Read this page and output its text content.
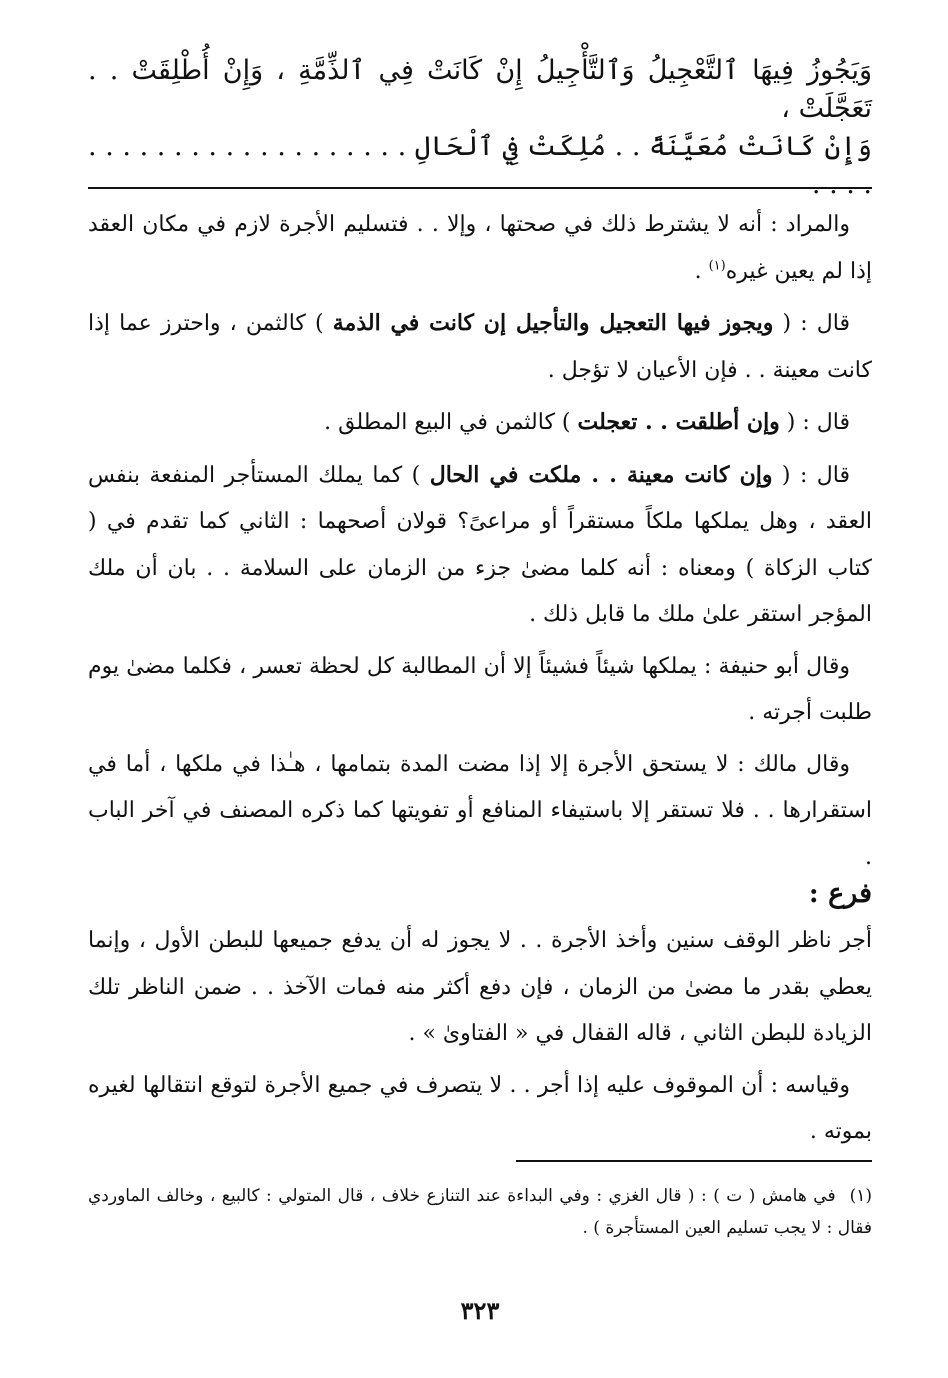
وَيَجُوزُ فِيهَا ٱلتَّعْجِيلُ وَٱلتَّأْجِيلُ إِنْ كَانَتْ فِي ٱلذِّمَّةِ ، وَإِنْ أُطْلِقَتْ . . تَعَجَّلَتْ ،

وَإِنْ كَانَتْ مُعَيَّنَةً . . مُلِكَتْ فِي ٱلْحَالِ . . . . . . . . . . . . . . . . . . . . . . .

والمراد : أنه لا يشترط ذلك في صحتها ، وإلا . . فتسليم الأجرة لازم في مكان العقد إذا لم يعين غيره$^{(١)}$ .

قال : ( ويجوز فيها التعجيل والتأجيل إن كانت في الذمة ) كالثمن ، واحترز عما إذا كانت معينة . . فإن الأعيان لا تؤجل .

قال : ( وإن أطلقت . . تعجلت ) كالثمن في البيع المطلق .

قال : ( وإن كانت معينة . . ملكت في الحال ) كما يملك المستأجر المنفعة بنفس العقد ، وهل يملكها ملكاً مستقراً أو مراعىً؟ قولان أصحهما : الثاني كما تقدم في ( كتاب الزكاة ) ومعناه : أنه كلما مضىٰ جزء من الزمان على السلامة . . بان أن ملك المؤجر استقر علىٰ ملك ما قابل ذلك .

وقال أبو حنيفة : يملكها شيئاً فشيئاً إلا أن المطالبة كل لحظة تعسر ، فكلما مضىٰ يوم طلبت أجرته .

وقال مالك : لا يستحق الأجرة إلا إذا مضت المدة بتمامها ، هـٰذا في ملكها ، أما في استقرارها . . فلا تستقر إلا باستيفاء المنافع أو تفويتها كما ذكره المصنف في آخر الباب .

فرع :

أجر ناظر الوقف سنين وأخذ الأجرة . . لا يجوز له أن يدفع جميعها للبطن الأول ، وإنما يعطي بقدر ما مضىٰ من الزمان ، فإن دفع أكثر منه فمات الآخذ . . ضمن الناظر تلك الزيادة للبطن الثاني ، قاله القفال في « الفتاوىٰ » .

وقياسه : أن الموقوف عليه إذا أجر . . لا يتصرف في جميع الأجرة لتوقع انتقالها لغيره بموته .

(١)في هامش ( ت ) : ( قال الغزي : وفي البداءة عند التنازع خلاف ، قال المتولي : كالبيع ، وخالف الماوردي فقال : لا يجب تسليم العين المستأجرة ) .
٣٢٣
